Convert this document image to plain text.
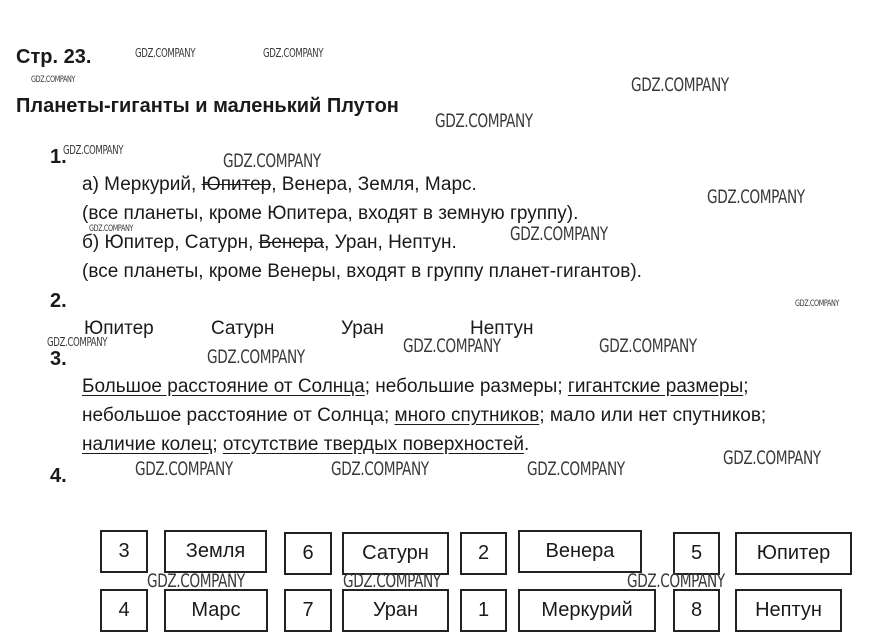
Стр. 23.
Планеты-гиганты и маленький Плутон
1.
а) Меркурий, Юпитер, Венера, Земля, Марс.
(все планеты, кроме Юпитера, входят в земную группу).
б) Юпитер, Сатурн, Венера, Уран, Нептун.
(все планеты, кроме Венеры, входят в группу планет-гигантов).
2.
Юпитер	Сатурн	Уран	Нептун
3.
Большое расстояние от Солнца; небольшие размеры; гигантские размеры;
небольшое расстояние от Солнца; много спутников; мало или нет спутников;
наличие колец; отсутствие твердых поверхностей.
4.
3	Земля	6	Сатурн	2	Венера	5	Юпитер
4	Марс	7	Уран	1	Меркурий	8	Нептун
GDZ.COMPANY	GDZ.COMPANY
GDZ.COMPANY	GDZ.COMPANY
GDZ.COMPANY
GDZ.COMPANY	GDZ.COMPANY
GDZ.COMPANY
GDZ.COMPANY	GDZ.COMPANY
GDZ.COMPANY
GDZ.COMPANY
GDZ.COMPANY	GDZ.COMPANY	GDZ.COMPANY
GDZ.COMPANY
GDZ.COMPANY	GDZ.COMPANY	GDZ.COMPANY
GDZ.COMPANY	GDZ.COMPANY	GDZ.COMPANY
